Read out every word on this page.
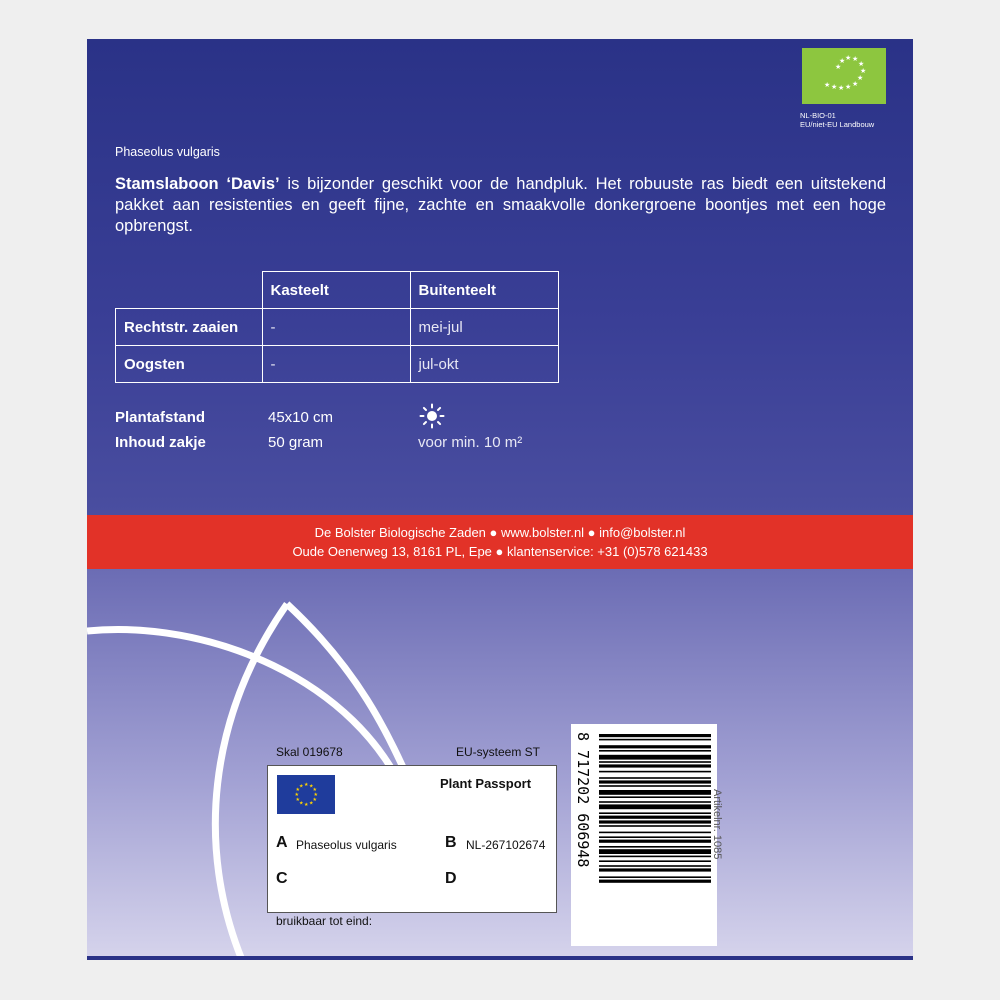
★ ★ ★ ★ ★
★
★
★
★
★
★
★
NL-BIO-01
EU/niet-EU Landbouw
Phaseolus vulgaris
Stamslaboon ‘Davis’ is bijzonder geschikt voor de handpluk. Het robuuste ras biedt een uitstekend pakket aan resistenties en geeft fijne, zachte en smaakvolle donkergroene boontjes met een hoge opbrengst.
	Kasteelt	Buitenteelt
Rechtstr. zaaien	-	mei-jul
Oogsten	-	jul-okt
Plantafstand	45x10 cm
Inhoud zakje	50 gram	voor min. 10 m²
De Bolster Biologische Zaden ● www.bolster.nl ● info@bolster.nl
Oude Oenerweg 13, 8161 PL, Epe ● klantenservice: +31 (0)578 621433
Skal 019678	EU-systeem ST
★ ★
★
★
★
★
★
★
★
★
★
★	Plant Passport
A Phaseolus vulgaris	B NL-267102674
C	D
bruikbaar tot eind:
8 717202 606948	Artikelnr. 1085
